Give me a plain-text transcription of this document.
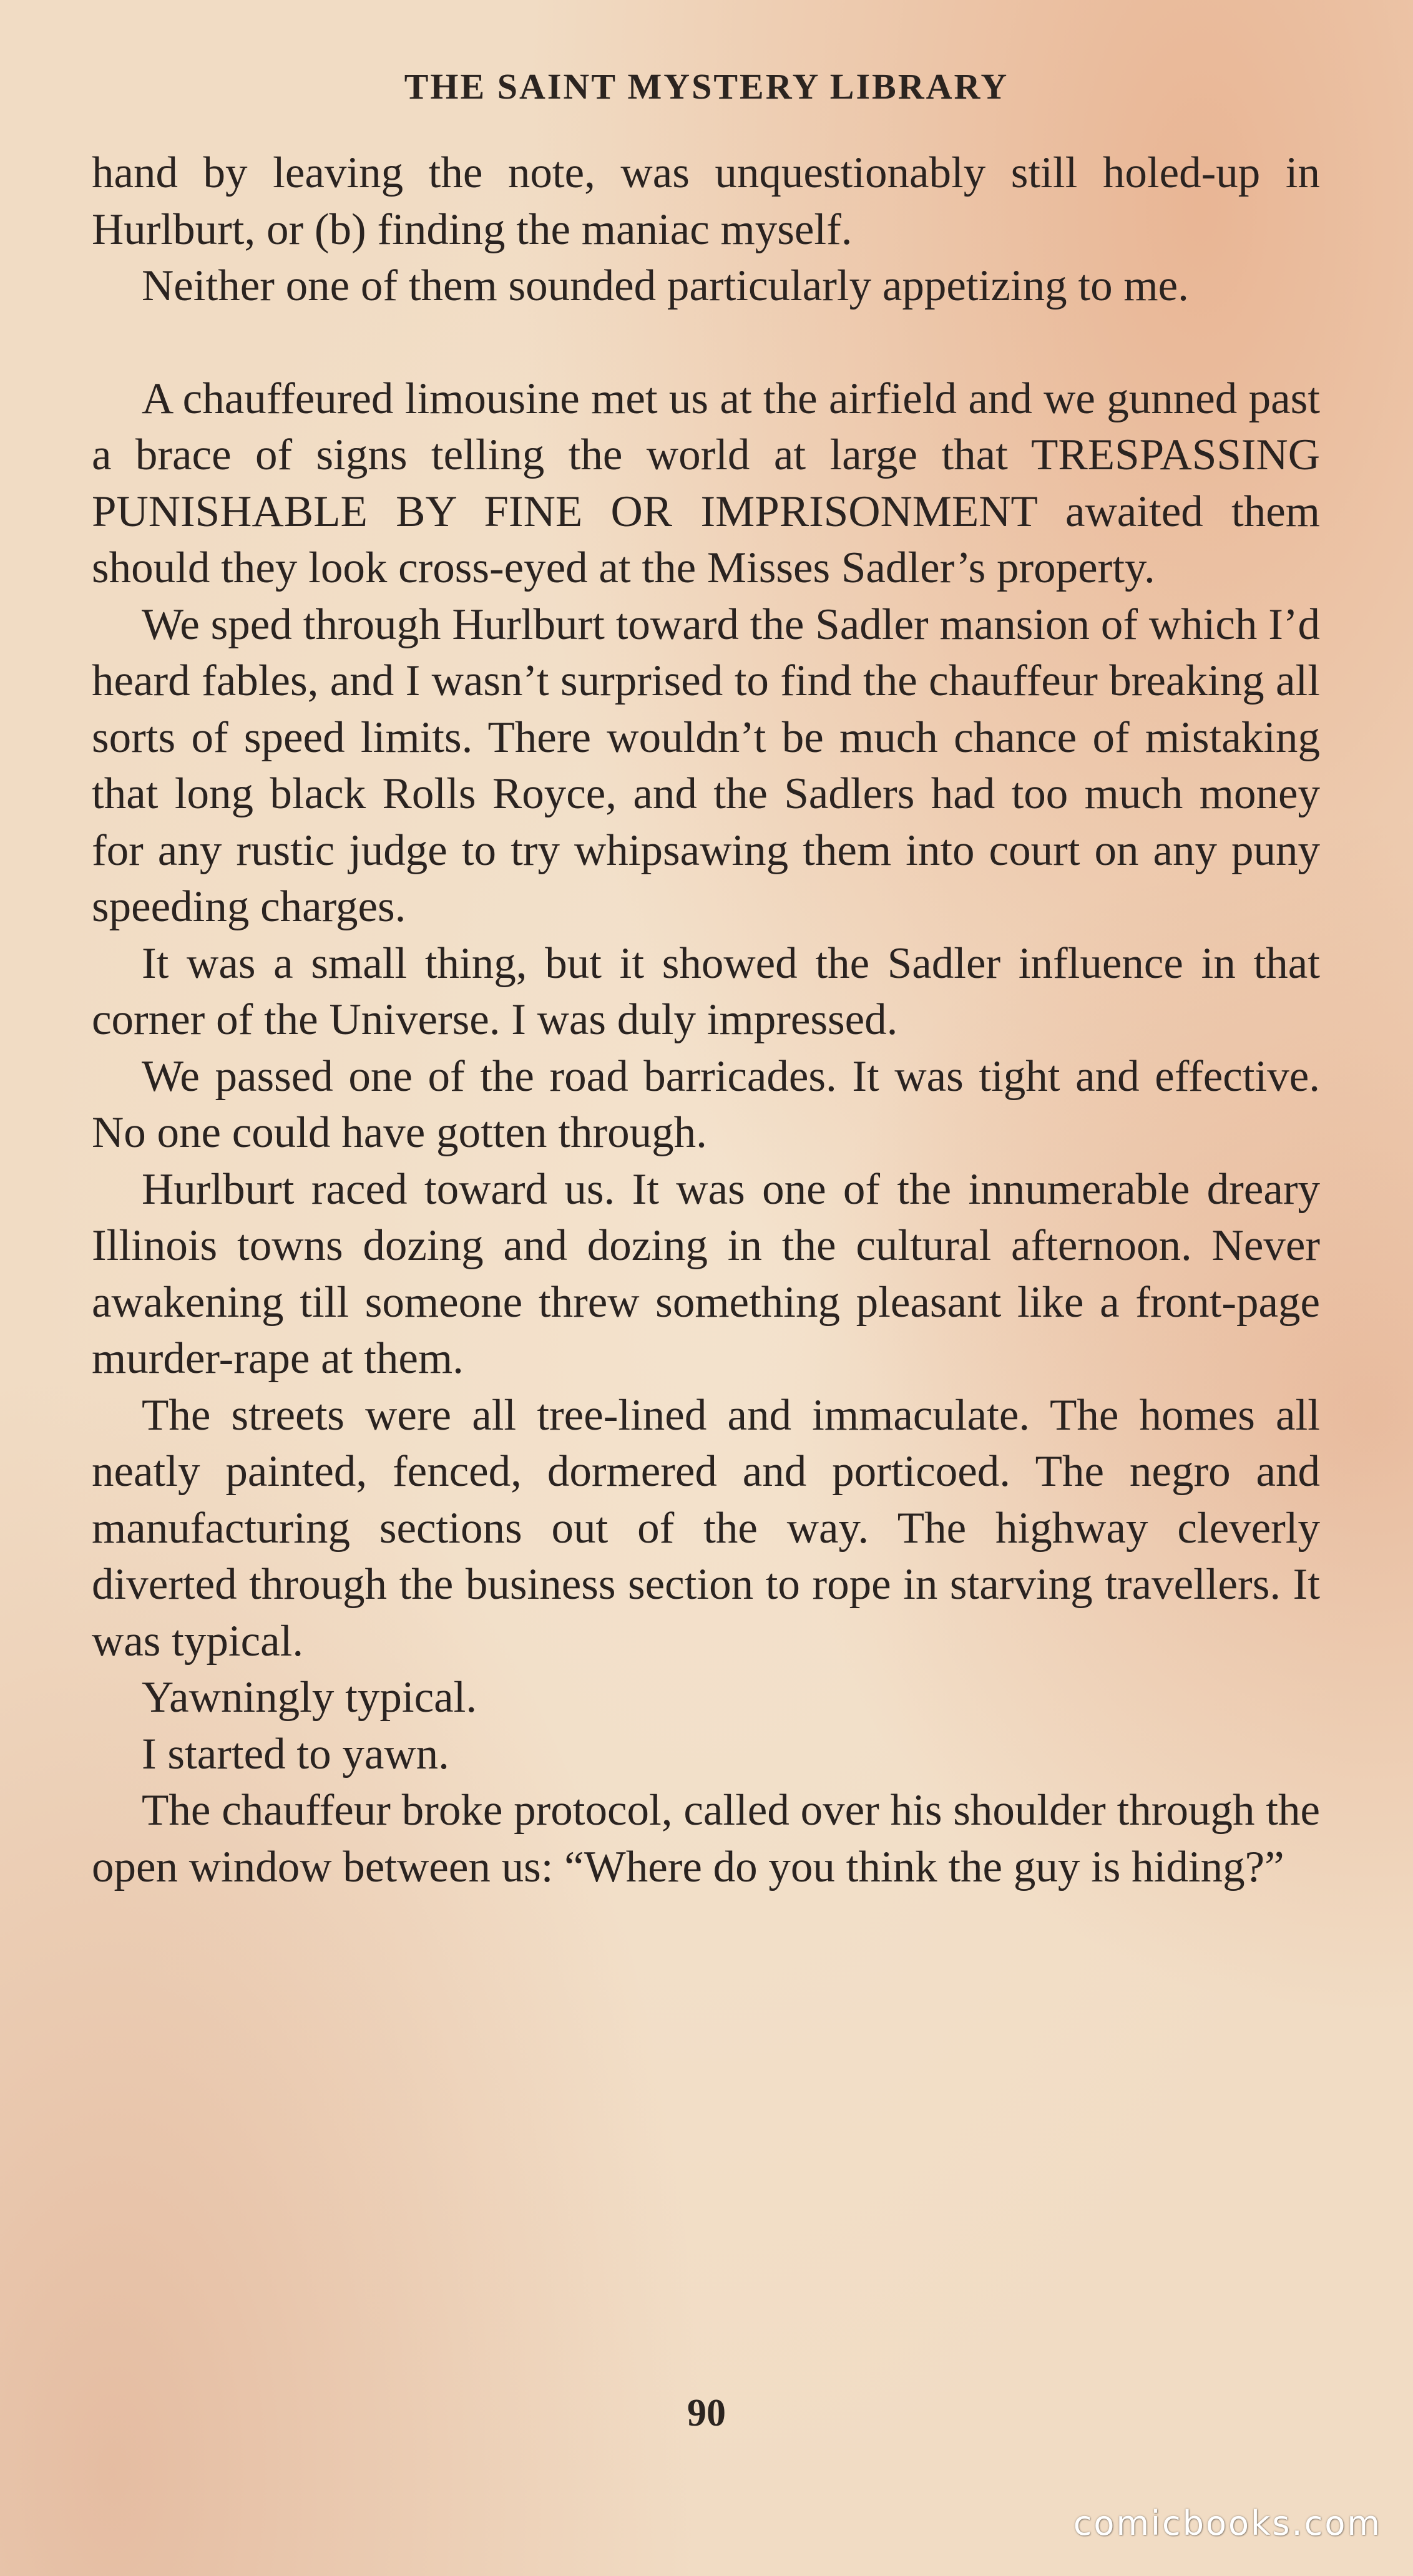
THE SAINT MYSTERY LIBRARY

hand by leaving the note, was unquestionably still holed-up in Hurlburt, or (b) finding the maniac myself.

Neither one of them sounded particularly appetizing to me.

A chauffeured limousine met us at the airfield and we gunned past a brace of signs telling the world at large that TRESPASSING PUNISHABLE BY FINE OR IMPRISONMENT awaited them should they look cross-eyed at the Misses Sadler’s property.

We sped through Hurlburt toward the Sadler mansion of which I’d heard fables, and I wasn’t surprised to find the chauffeur breaking all sorts of speed limits. There wouldn’t be much chance of mistaking that long black Rolls Royce, and the Sadlers had too much money for any rustic judge to try whipsawing them into court on any puny speeding charges.

It was a small thing, but it showed the Sadler influence in that corner of the Universe. I was duly impressed.

We passed one of the road barricades. It was tight and effective. No one could have gotten through.

Hurlburt raced toward us. It was one of the innumerable dreary Illinois towns dozing and dozing in the cultural afternoon. Never awakening till someone threw something pleasant like a front-page murder-rape at them.

The streets were all tree-lined and immaculate. The homes all neatly painted, fenced, dormered and porticoed. The negro and manufacturing sections out of the way. The highway cleverly diverted through the business section to rope in starving travellers. It was typical.

Yawningly typical.

I started to yawn.

The chauffeur broke protocol, called over his shoulder through the open window between us: “Where do you think the guy is hiding?”

90

comicbooks.com
